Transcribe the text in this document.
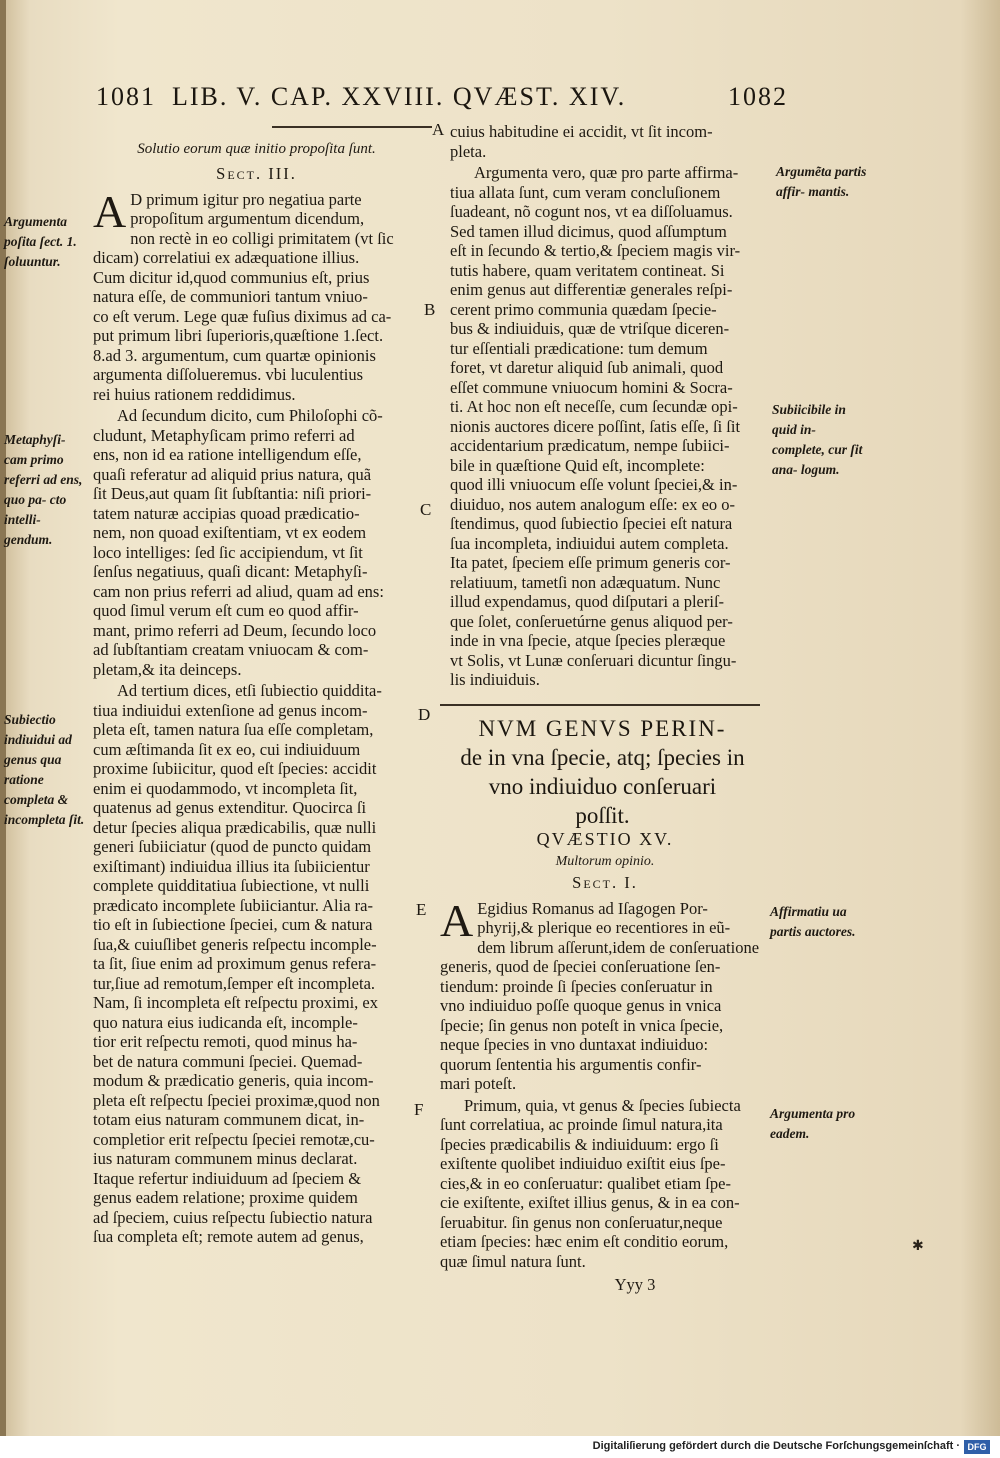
1081 LIB. V. CAP. XXVIII. QVÆST. XIV.	1082
Solutio eorum quæ initio propoſita ſunt.
Sect. III.
A D primum igitur pro negatiua parte
propoſitum argumentum dicendum,
non rectè in eo colligi primitatem (vt ſic
dicam) correlatiui ex adæquatione illius.
Cum dicitur id,quod communius eſt, prius
natura eſſe, de communiori tantum vniuo-
co eſt verum. Lege quæ fuſius diximus ad ca-
put primum libri ſuperioris,quæſtione 1.ſect.
8.ad 3. argumentum, cum quartæ opinionis
argumenta diſſolueremus. vbi luculentius
rei huius rationem reddidimus.
Ad ſecundum dicito, cum Philoſophi cõ-
cludunt, Metaphyſicam primo referri ad
ens, non id ea ratione intelligendum eſſe,
quaſi referatur ad aliquid prius natura, quã
ſit Deus,aut quam ſit ſubſtantia: niſi priori-
tatem naturæ accipias quoad prædicatio-
nem, non quoad exiſtentiam, vt ex eodem
loco intelliges: ſed ſic accipiendum, vt ſit
ſenſus negatiuus, quaſi dicant: Metaphyſi-
cam non prius referri ad aliud, quam ad ens:
quod ſimul verum eſt cum eo quod affir-
mant, primo referri ad Deum, ſecundo loco
ad ſubſtantiam creatam vniuocam & com-
pletam,& ita deinceps.
Ad tertium dices, etſi ſubiectio quiddita-
tiua indiuidui extenſione ad genus incom-
pleta eſt, tamen natura ſua eſſe completam,
cum æſtimanda ſit ex eo, cui indiuiduum
proxime ſubiicitur, quod eſt ſpecies: accidit
enim ei quodammodo, vt incompleta ſit,
quatenus ad genus extenditur. Quocirca ſi
detur ſpecies aliqua prædicabilis, quæ nulli
generi ſubiiciatur (quod de puncto quidam
exiſtimant) indiuidua illius ita ſubiicientur
complete quidditatiua ſubiectione, vt nulli
prædicato incomplete ſubiiciantur. Alia ra-
tio eſt in ſubiectione ſpeciei, cum & natura
ſua,& cuiuſlibet generis reſpectu incomple-
ta ſit, ſiue enim ad proximum genus refera-
tur,ſiue ad remotum,ſemper eſt incompleta.
Nam, ſi incompleta eſt reſpectu proximi, ex
quo natura eius iudicanda eſt, incomple-
tior erit reſpectu remoti, quod minus ha-
bet de natura communi ſpeciei. Quemad-
modum & prædicatio generis, quia incom-
pleta eſt reſpectu ſpeciei proximæ,quod non
totam eius naturam communem dicat, in-
completior erit reſpectu ſpeciei remotæ,cu-
ius naturam communem minus declarat.
Itaque refertur indiuiduum ad ſpeciem &
genus eadem relatione; proxime quidem
ad ſpeciem, cuius reſpectu ſubiectio natura
ſua completa eſt; remote autem ad genus,
cuius habitudine ei accidit, vt ſit incom-
pleta.
Argumenta vero, quæ pro parte affirma-
tiua allata ſunt, cum veram concluſionem
ſuadeant, nõ cogunt nos, vt ea diſſoluamus.
Sed tamen illud dicimus, quod aſſumptum
eſt in ſecundo & tertio,& ſpeciem magis vir-
tutis habere, quam veritatem contineat. Si
enim genus aut differentiæ generales reſpi-
cerent primo communia quædam ſpecie-
bus & indiuiduis, quæ de vtriſque diceren-
tur eſſentiali prædicatione: tum demum
foret, vt daretur aliquid ſub animali, quod
eſſet commune vniuocum homini & Socra-
ti. At hoc non eſt neceſſe, cum ſecundæ opi-
nionis auctores dicere poſſint, ſatis eſſe, ſi ſit
accidentarium prædicatum, nempe ſubiici-
bile in quæſtione Quid eſt, incomplete:
quod illi vniuocum eſſe volunt ſpeciei,& in-
diuiduo, nos autem analogum eſſe: ex eo o-
ſtendimus, quod ſubiectio ſpeciei eſt natura
ſua incompleta, indiuidui autem completa.
Ita patet, ſpeciem eſſe primum generis cor-
relatiuum, tametſi non adæquatum. Nunc
illud expendamus, quod diſputari a pleriſ-
que ſolet, conſeruetúrne genus aliquod per-
inde in vna ſpecie, atque ſpecies pleræque
vt Solis, vt Lunæ conſeruari dicuntur ſingu-
lis indiuiduis.
NVM GENVS PERIN-
de in vna ſpecie, atq; ſpecies in
vno indiuiduo conſeruari
poſſit.
QVÆSTIO XV.
Multorum opinio.
Sect. I.
A Egidius Romanus ad Iſagogen Por-
phyrij,& plerique eo recentiores in eũ-
dem librum aſſerunt,idem de conſeruatione
generis, quod de ſpeciei conſeruatione ſen-
tiendum: proinde ſi ſpecies conſeruatur in
vno indiuiduo poſſe quoque genus in vnica
ſpecie; ſin genus non poteſt in vnica ſpecie,
neque ſpecies in vno duntaxat indiuiduo:
quorum ſententia his argumentis confir-
mari poteſt.
Primum, quia, vt genus & ſpecies ſubiecta
ſunt correlatiua, ac proinde ſimul natura,ita
ſpecies prædicabilis & indiuiduum: ergo ſi
exiſtente quolibet indiuiduo exiſtit eius ſpe-
cies,& in eo conſeruatur: qualibet etiam ſpe-
cie exiſtente, exiſtet illius genus, & in ea con-
ſeruabitur. ſin genus non conſeruatur,neque
etiam ſpecies: hæc enim eſt conditio eorum,
quæ ſimul natura ſunt.
Yyy 3
A
B
C
D
E
F
Argumenta poſita ſect. 1. ſoluuntur.
Metaphyſi- cam primo referri ad ens, quo pa- cto intelli- gendum.
Subiectio indiuidui ad genus qua ratione completa & incompleta ſit.
Argumẽta partis affir- mantis.
Subiicibile in quid in- complete, cur ſit ana- logum.
Affirmatiu ua partis auctores.
Argumenta pro eadem.
✱
Digitaliſierung gefördert durch die Deutsche Forſchungsgemeinſchaft · DFG
